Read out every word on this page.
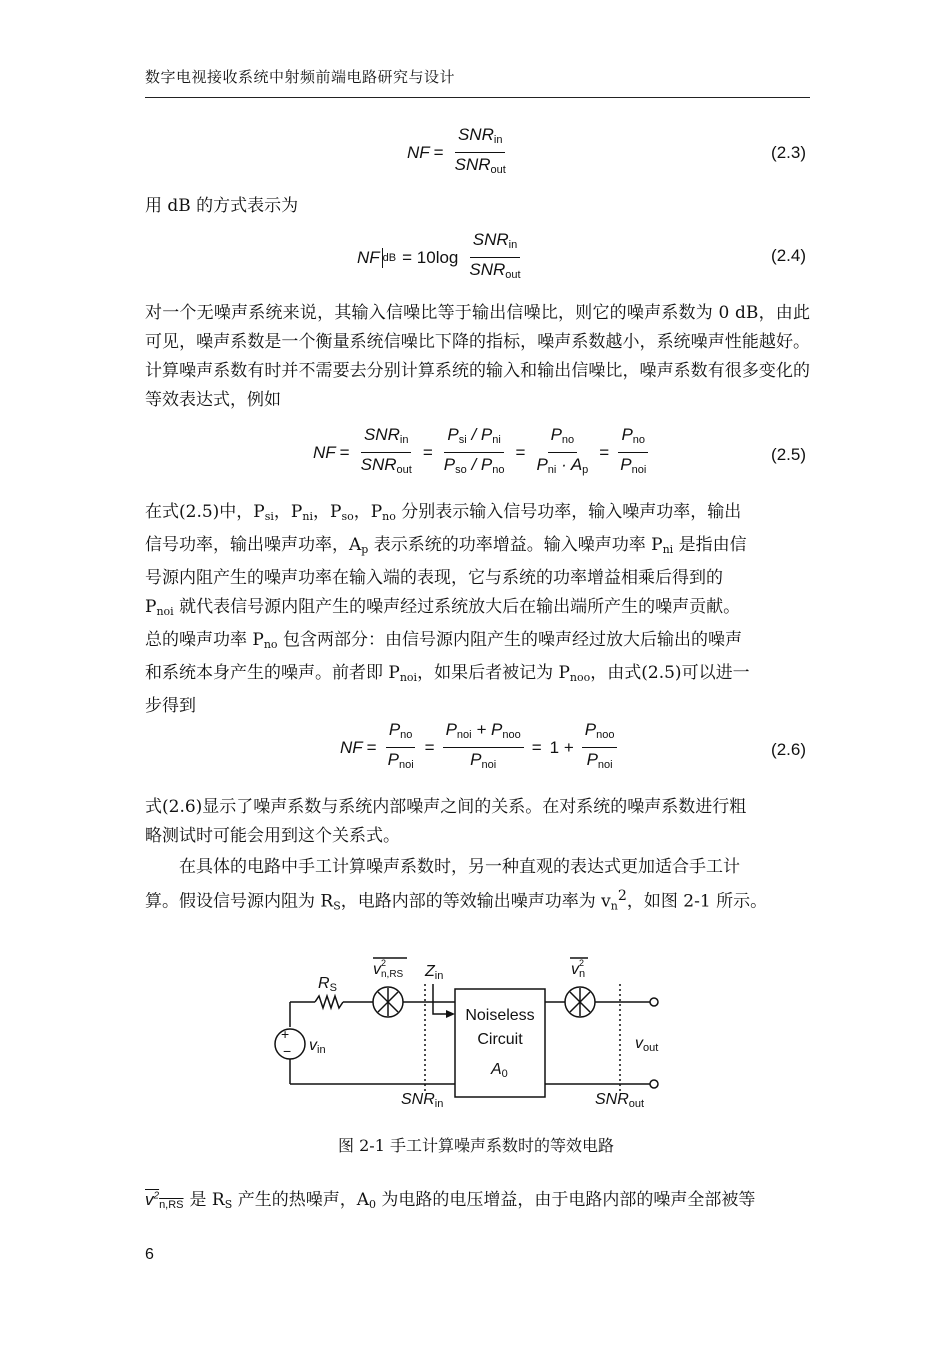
数字电视接收系统中射频前端电路研究与设计
NF = $\frac{SNR_{in}}{SNR_{out}}$	(2.3)
用 dB 的方式表示为
NF dB = $10\log \frac{SNR_{in}}{SNR_{out}}$	(2.4)
对一个无噪声系统来说，其输入信噪比等于输出信噪比，则它的噪声系数为 0 dB，由此可见，噪声系数是一个衡量系统信噪比下降的指标，噪声系数越小，系统噪声性能越好。计算噪声系数有时并不需要去分别计算系统的输入和输出信噪比，噪声系数有很多变化的等效表达式，例如
NF = $\frac{SNR_{in}}{SNR_{out}} = \frac{P_{si} / P_{ni}}{P_{so} / P_{no}} = \frac{P_{no}}{P_{ni} \cdot A_p} = \frac{P_{no}}{P_{noi}}$	(2.5)
在式(2.5)中，$P_{si}$，$P_{ni}$，$P_{so}$，$P_{no}$ 分别表示输入信号功率，输入噪声功率，输出
信号功率，输出噪声功率，$A_p$ 表示系统的功率增益。输入噪声功率 $P_{ni}$ 是指由信
号源内阻产生的噪声功率在输入端的表现，它与系统的功率增益相乘后得到的
$P_{noi}$ 就代表信号源内阻产生的噪声经过系统放大后在输出端所产生的噪声贡献。
总的噪声功率 $P_{no}$ 包含两部分：由信号源内阻产生的噪声经过放大后输出的噪声
和系统本身产生的噪声。前者即 $P_{noi}$，如果后者被记为 $P_{noo}$，由式(2.5)可以进一
步得到
NF = $\frac{P_{no}}{P_{noi}} = \frac{P_{noi} + P_{noo}}{P_{noi}} = 1 + \frac{P_{noo}}{P_{noi}}$	(2.6)
式(2.6)显示了噪声系数与系统内部噪声之间的关系。在对系统的噪声系数进行粗
略测试时可能会用到这个关系式。
在具体的电路中手工计算噪声系数时，另一种直观的表达式更加适合手工计
算。假设信号源内阻为 $R_S$，电路内部的等效输出噪声功率为 $v_n^2$，如图 2-1 所示。
+
−
RS
vn,RS
2 Zin	vn
2
Noiseless
Circuit
A0
vin	vout
SNRin	SNRout
图 2-1 手工计算噪声系数时的等效电路
$v^2_{n,RS}$ 是 $R_S$ 产生的热噪声，$A_0$ 为电路的电压增益，由于电路内部的噪声全部被等
6
